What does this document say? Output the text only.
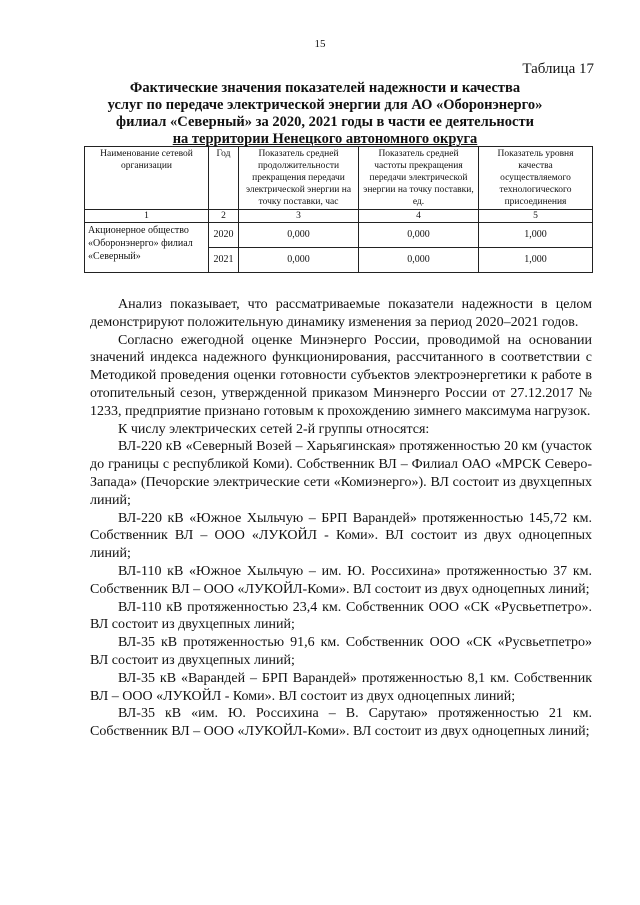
15
Таблица 17
Фактические значения показателей надежности и качества
услуг по передаче электрической энергии для АО «Оборонэнерго»
филиал «Северный» за 2020, 2021 годы в части ее деятельности
на территории Ненецкого автономного округа
Наименование сетевой организации	Год	Показатель средней продолжительности прекращения передачи электрической энергии на точку поставки, час	Показатель средней частоты прекращения передачи электрической энергии на точку поставки, ед.	Показатель уровня качества осуществляемого технологического присоединения
1	2	3	4	5
Акционерное общество «Оборонэнерго» филиал «Северный»	2020	0,000	0,000	1,000
	2021	0,000	0,000	1,000

Анализ показывает, что рассматриваемые показатели надежности в целом демонстрируют положительную динамику изменения за период 2020–2021 годов.

Согласно ежегодной оценке Минэнерго России, проводимой на основании значений индекса надежного функционирования, рассчитанного в соответствии с Методикой проведения оценки готовности субъектов электроэнергетики к работе в отопительный сезон, утвержденной приказом Минэнерго России от 27.12.2017 № 1233, предприятие признано готовым к прохождению зимнего максимума нагрузок.

К числу электрических сетей 2-й группы относятся:

ВЛ-220 кВ «Северный Возей – Харьягинская» протяженностью 20 км (участок до границы с республикой Коми). Собственник ВЛ – Филиал ОАО «МРСК Северо-Запада» (Печорские электрические сети «Комиэнерго»). ВЛ состоит из двухцепных линий;

ВЛ-220 кВ «Южное Хыльчую – БРП Варандей» протяженностью 145,72 км. Собственник ВЛ – ООО «ЛУКОЙЛ - Коми». ВЛ состоит из двух одноцепных линий;

ВЛ-110 кВ «Южное Хыльчую – им. Ю. Россихина» протяженностью 37 км. Собственник ВЛ – ООО «ЛУКОЙЛ-Коми». ВЛ состоит из двух одноцепных линий;

ВЛ-110 кВ протяженностью 23,4 км. Собственник ООО «СК «Русвьетпетро». ВЛ состоит из двухцепных линий;

ВЛ-35 кВ протяженностью 91,6 км. Собственник ООО «СК «Русвьетпетро» ВЛ состоит из двухцепных линий;

ВЛ-35 кВ «Варандей – БРП Варандей» протяженностью 8,1 км. Собственник ВЛ – ООО «ЛУКОЙЛ - Коми». ВЛ состоит из двух одноцепных линий;

ВЛ-35 кВ «им. Ю. Россихина – В. Сарутаю» протяженностью 21 км. Собственник ВЛ – ООО «ЛУКОЙЛ-Коми». ВЛ состоит из двух одноцепных линий;
